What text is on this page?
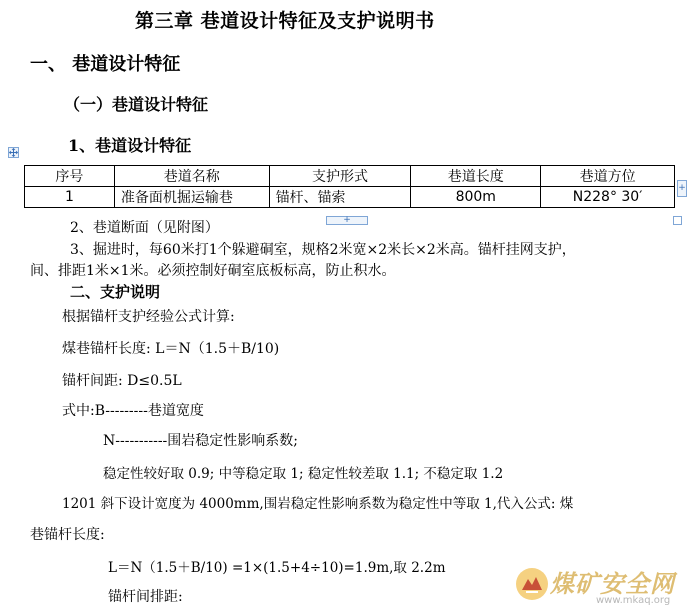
第三章 巷道设计特征及支护说明书
一、 巷道设计特征
（一）巷道设计特征
1、巷道设计特征
序号	巷道名称	支护形式	巷道长度	巷道方位
1	准备面机掘运输巷	锚杆、锚索	800m	N228° 30′
+
+
2、巷道断面（见附图）
3、掘进时，每60米打1个躲避硐室，规格2米宽×2米长×2米高。锚杆挂网支护，
间、排距1米×1米。必须控制好硐室底板标高，防止积水。
二、支护说明
根据锚杆支护经验公式计算:
煤巷锚杆长度: L＝N（1.5＋B/10)
锚杆间距: D≤0.5L
式中:B---------巷道宽度
N-----------围岩稳定性影响系数;
稳定性较好取 0.9; 中等稳定取 1; 稳定性较差取 1.1; 不稳定取 1.2
1201 斜下设计宽度为 4000mm,围岩稳定性影响系数为稳定性中等取 1,代入公式: 煤
巷锚杆长度:
L＝N（1.5＋B/10) =1×(1.5+4÷10)=1.9m,取 2.2m
锚杆间排距:	煤矿安全网
www.mkaq.org
